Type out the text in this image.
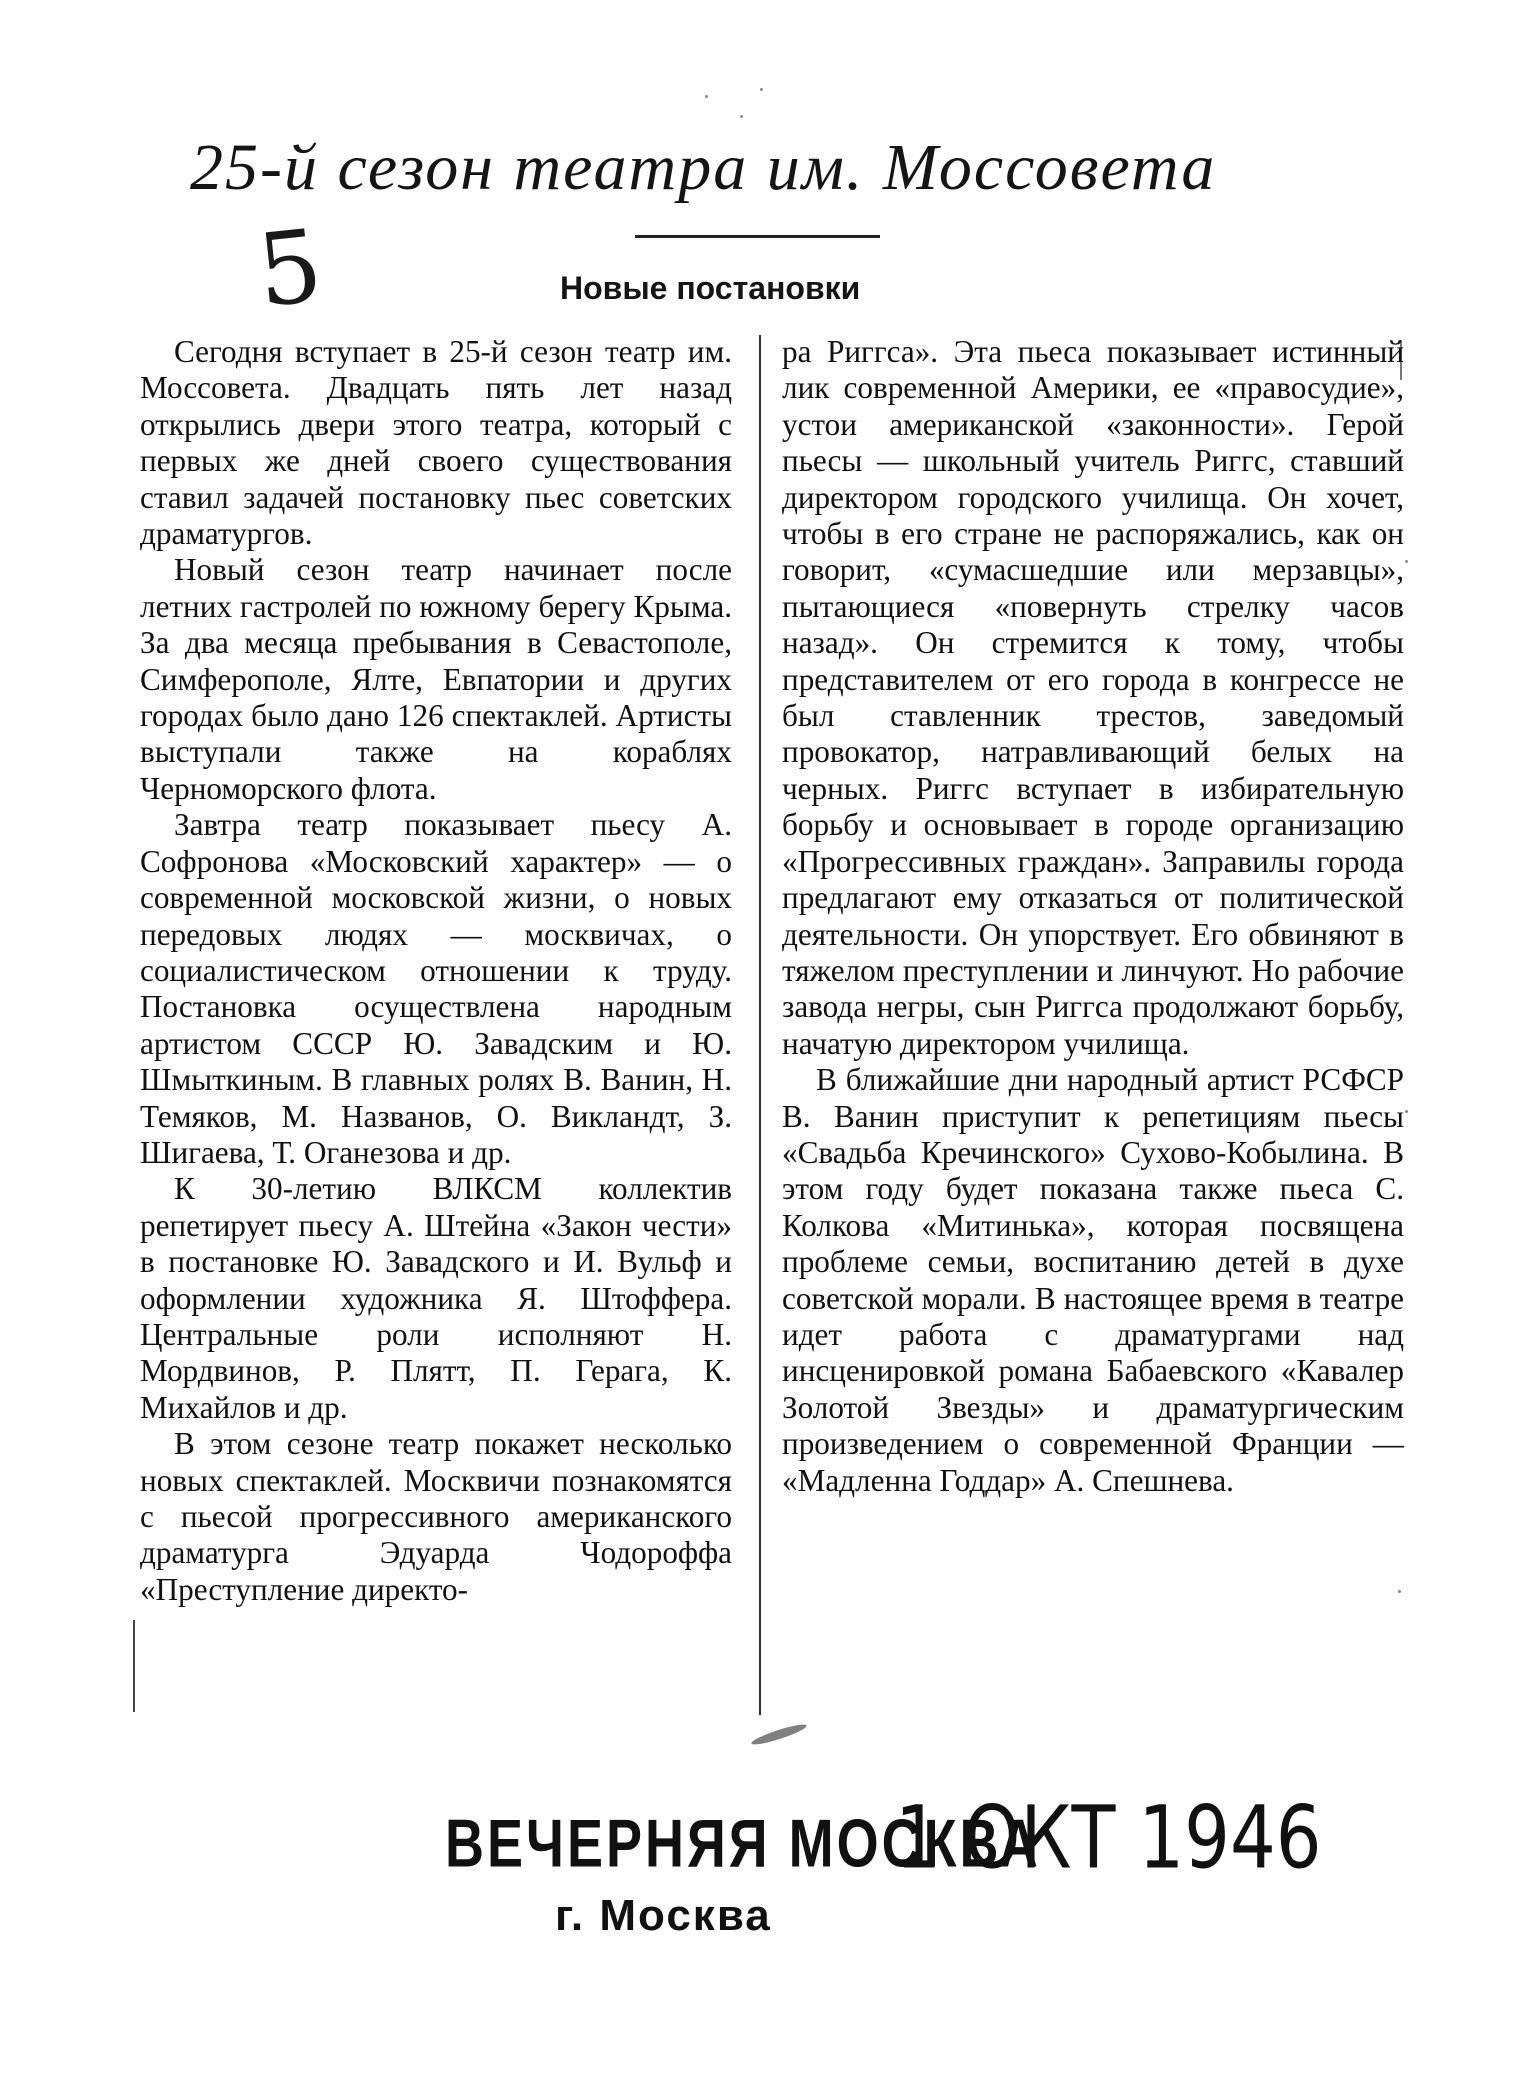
25-й сезон театра им. Моссовета
5	Новые постановки

Сегодня вступает в 25-й сезон театр им. Моссовета. Двадцать пять лет назад открылись двери этого театра, который с первых же дней своего существования ставил задачей постановку пьес советских драматургов.

Новый сезон театр начинает после летних гастролей по южному берегу Крыма. За два месяца пребывания в Севастополе, Симферополе, Ялте, Евпатории и других городах было дано 126 спектаклей. Артисты выступали также на кораблях Черноморского флота.

Завтра театр показывает пьесу А. Софронова «Московский характер» — о современной московской жизни, о новых передовых людях — москвичах, о социалистическом отношении к труду. Постановка осуществлена народным артистом СССР Ю. Завадским и Ю. Шмыткиным. В главных ролях В. Ванин, Н. Темяков, М. Названов, О. Викландт, З. Шигаева, Т. Оганезова и др.

К 30-летию ВЛКСМ коллектив репетирует пьесу А. Штейна «Закон чести» в постановке Ю. Завадского и И. Вульф и оформлении художника Я. Штоффера. Центральные роли исполняют Н. Мордвинов, Р. Плятт, П. Герага, К. Михайлов и др.

В этом сезоне театр покажет несколько новых спектаклей. Москвичи познакомятся с пьесой прогрессивного американского драматурга Эдуарда Чодороффа «Преступление директо-

ра Риггса». Эта пьеса показывает истинный лик современной Америки, ее «правосудие», устои американской «законности». Герой пьесы — школьный учитель Риггс, ставший директором городского училища. Он хочет, чтобы в его стране не распоряжались, как он говорит, «сумасшедшие или мерзавцы», пытающиеся «повернуть стрелку часов назад». Он стремится к тому, чтобы представителем от его города в конгрессе не был ставленник трестов, заведомый провокатор, натравливающий белых на черных. Риггс вступает в избирательную борьбу и основывает в городе организацию «Прогрессивных граждан». Заправилы города предлагают ему отказаться от политической деятельности. Он упорствует. Его обвиняют в тяжелом преступлении и линчуют. Но рабочие завода негры, сын Риггса продолжают борьбу, начатую директором училища.

В ближайшие дни народный артист РСФСР В. Ванин приступит к репетициям пьесы «Свадьба Кречинского» Сухово-Кобылина. В этом году будет показана также пьеса С. Колкова «Митинька», которая посвящена проблеме семьи, воспитанию детей в духе советской морали. В настоящее время в театре идет работа с драматургами над инсценировкой романа Бабаевского «Кавалер Золотой Звезды» и драматургическим произведением о современной Франции — «Мадленна Годдар» А. Спешнева.

ВЕЧЕРНЯЯ МОСКВА
г. Москва
1 ОКТ 1946
